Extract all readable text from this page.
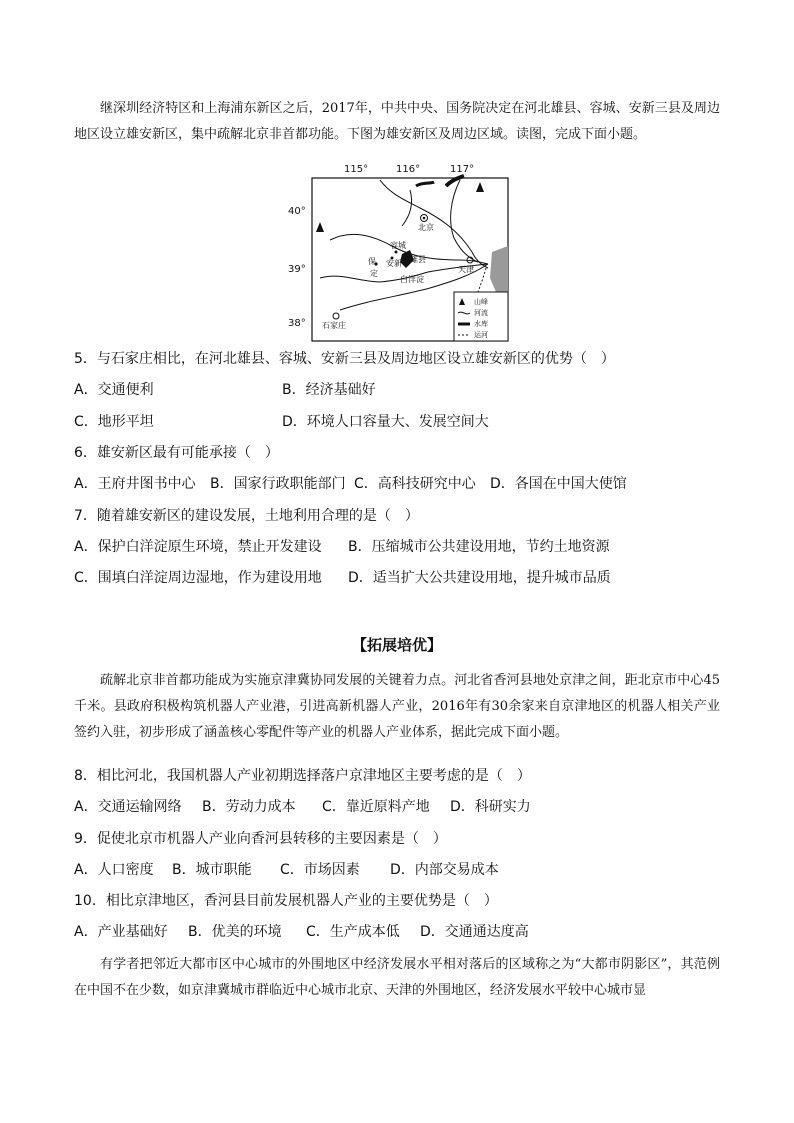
继深圳经济特区和上海浦东新区之后，2017年，中共中央、国务院决定在河北雄县、容城、安新三县及周边地区设立雄安新区，集中疏解北京非首都功能。下图为雄安新区及周边区域。读图，完成下面小题。
115°	116°	117°
40°
39°
38°
北京
天津
石家庄
容城
安新 雄县
保
定
白洋淀
山峰
河流
水库
运河
5．与石家庄相比，在河北雄县、容城、安新三县及周边地区设立雄安新区的优势（　）
A．交通便利	B．经济基础好
C．地形平坦	D．环境人口容量大、发展空间大
6．雄安新区最有可能承接（　）
A．王府井图书中心 B．国家行政职能部门 C．高科技研究中心 D．各国在中国大使馆
7．随着雄安新区的建设发展，土地利用合理的是（　）
A．保护白洋淀原生环境，禁止开发建设 B．压缩城市公共建设用地，节约土地资源
C．围填白洋淀周边湿地，作为建设用地 D．适当扩大公共建设用地，提升城市品质
【拓展培优】
疏解北京非首都功能成为实施京津冀协同发展的关键着力点。河北省香河县地处京津之间，距北京市中心45千米。县政府积极构筑机器人产业港，引进高新机器人产业，2016年有30余家来自京津地区的机器人相关产业签约入驻，初步形成了涵盖核心零配件等产业的机器人产业体系，据此完成下面小题。
8．相比河北，我国机器人产业初期选择落户京津地区主要考虑的是（　）
A．交通运输网络 B．劳动力成本 C．靠近原料产地 D．科研实力
9．促使北京市机器人产业向香河县转移的主要因素是（　）
A．人口密度 B．城市职能 C．市场因素 D．内部交易成本
10．相比京津地区，香河县目前发展机器人产业的主要优势是（　）
A．产业基础好 B．优美的环境 C．生产成本低 D．交通通达度高
有学者把邻近大都市区中心城市的外围地区中经济发展水平相对落后的区域称之为“大都市阴影区”，其范例在中国不在少数，如京津冀城市群临近中心城市北京、天津的外围地区，经济发展水平较中心城市显
